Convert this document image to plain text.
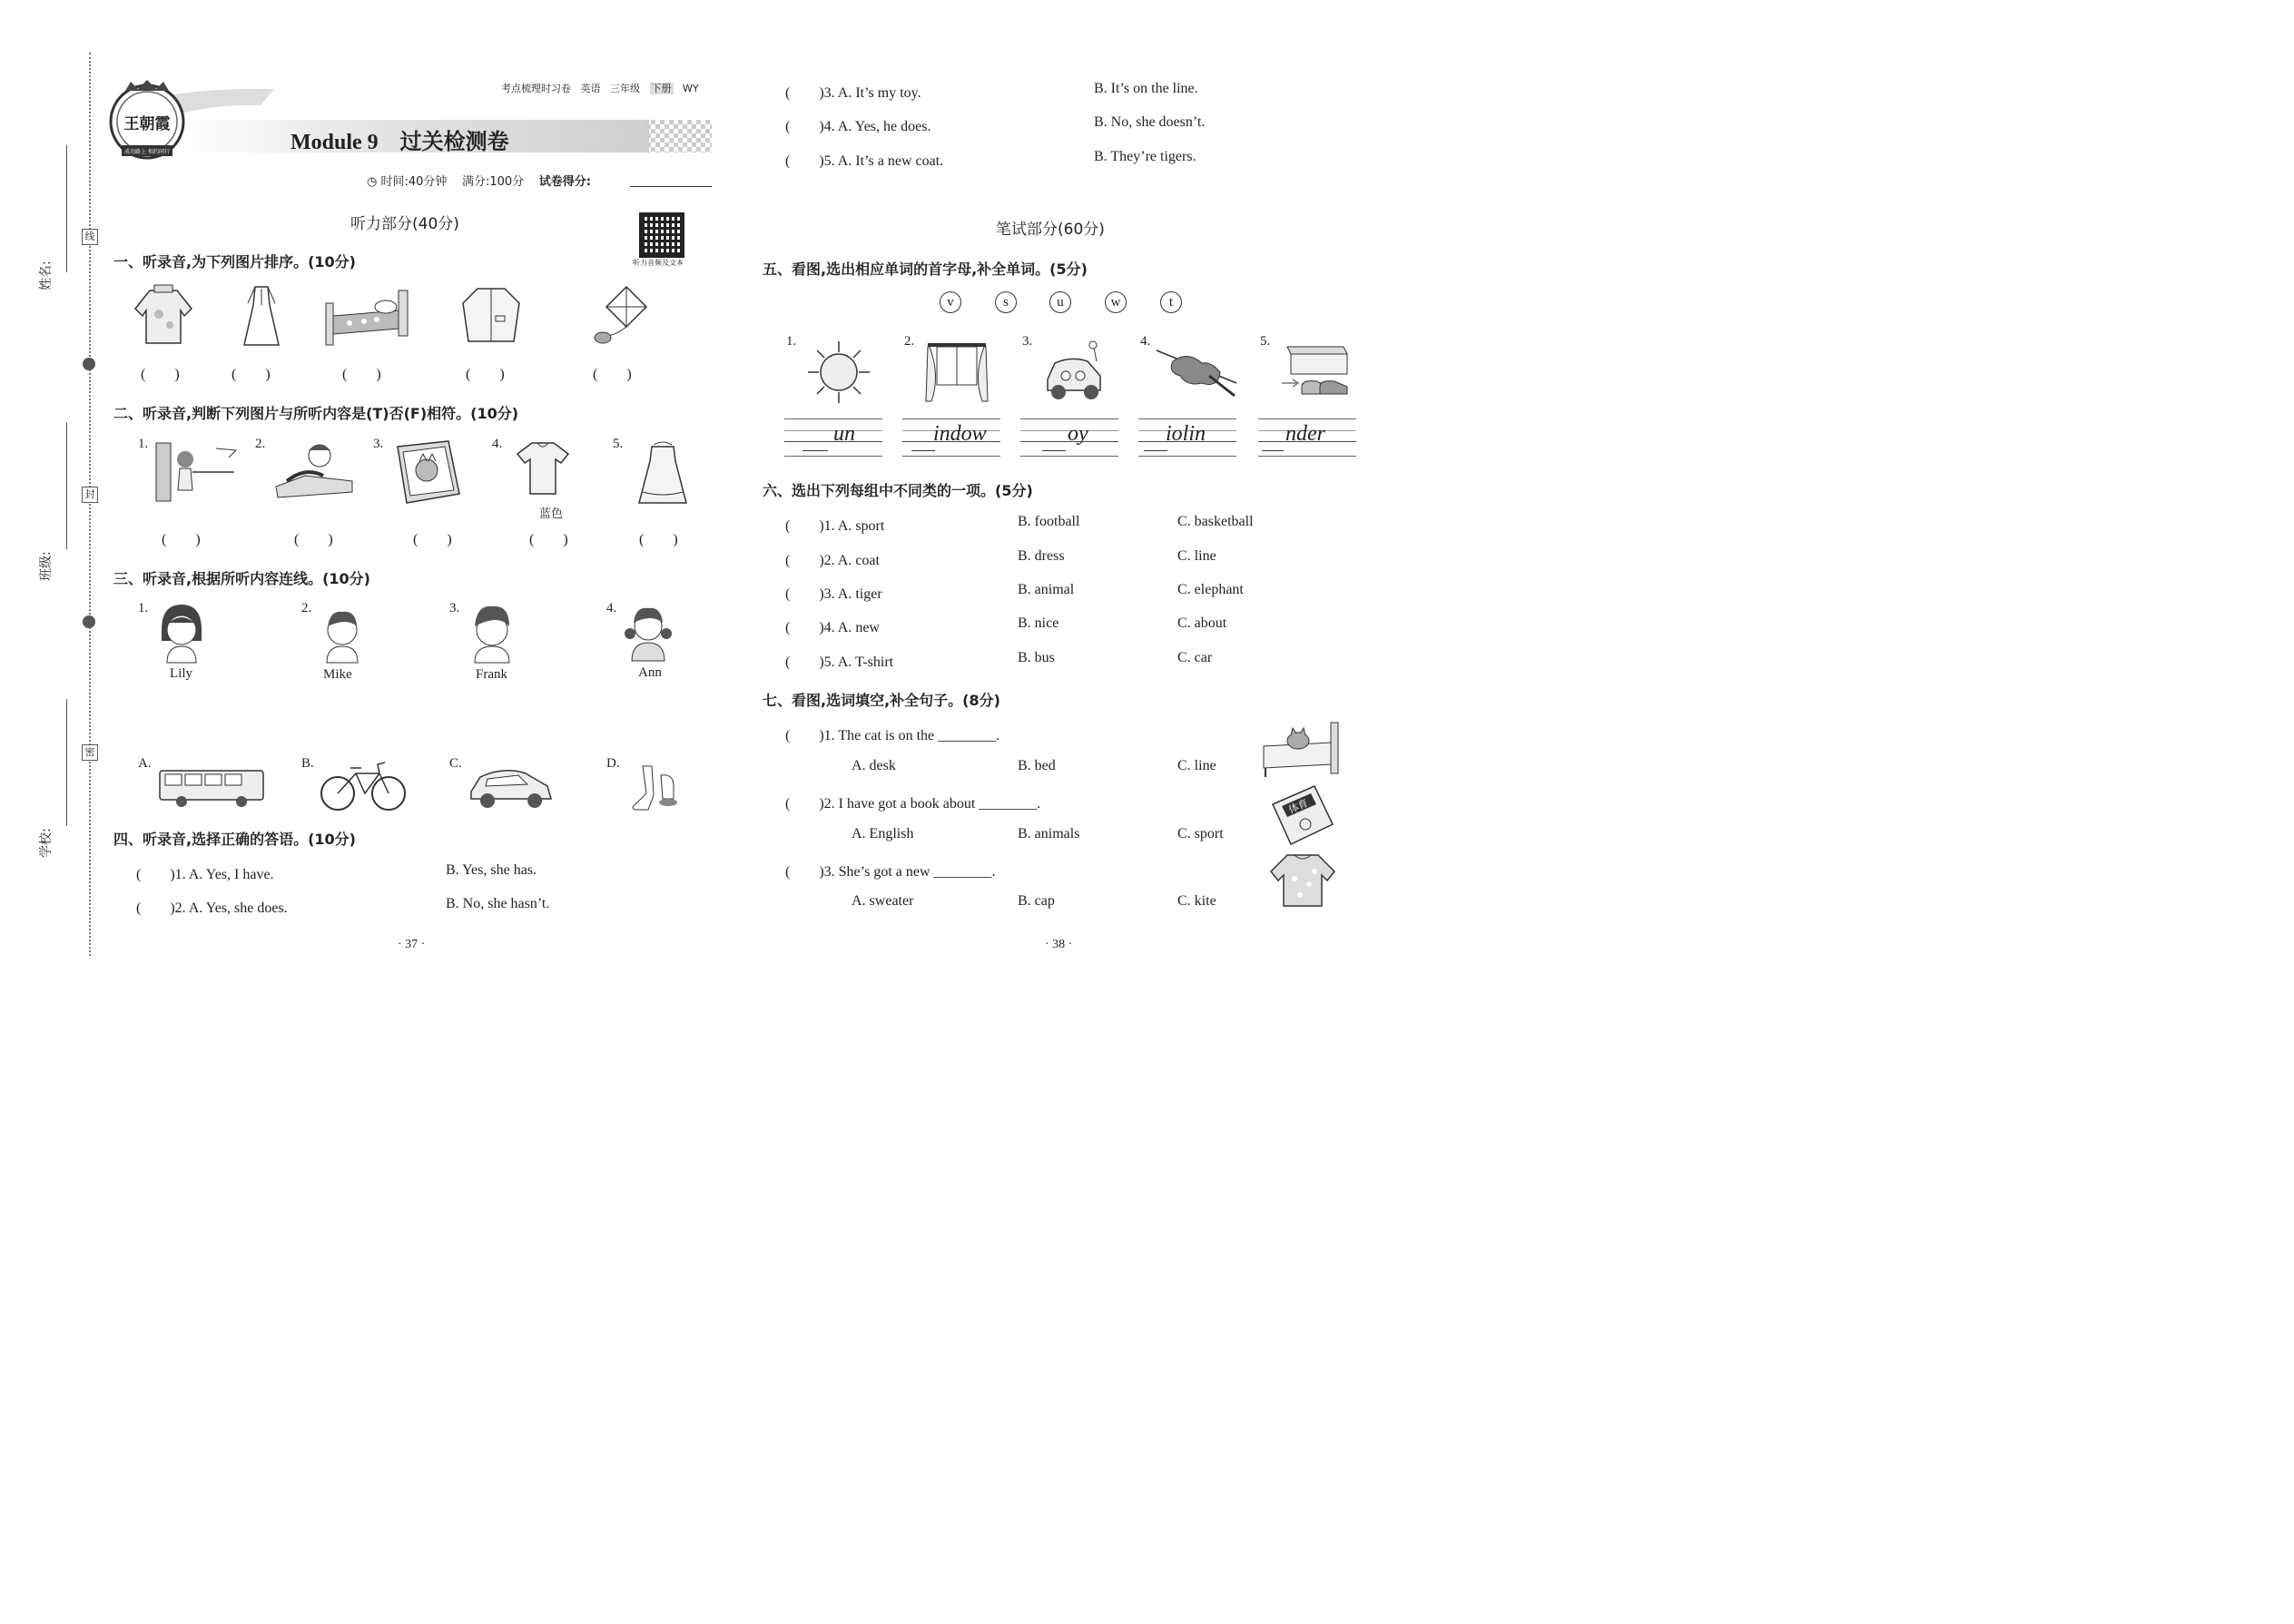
姓名:
班级:
学校:
线
封
密
王朝霞
成功路上 相约同行
考点梳理时习卷 英语 三年级 下册 WY
Module 9　过关检测卷
◷ 时间:40分钟 满分:100分 试卷得分:
听力部分(40分)
听力音频及文本
一、听录音,为下列图片排序。(10分)
(　　)	(　　)	(　　)	(　　)	(　　)
二、听录音,判断下列图片与所听内容是(T)否(F)相符。(10分)
1.	2.	3.	4.	5.
蓝色
(　　)	(　　)	(　　)	(　　)	(　　)
三、听录音,根据所听内容连线。(10分)
1.	2.	3.	4.
Lily	Mike	Frank	Ann
A.	B.	C.	D.
四、听录音,选择正确的答语。(10分)
(　　)1. A. Yes, I have.	B. Yes, she has.
(　　)2. A. Yes, she does.	B. No, she hasn’t.
· 37 ·
(　　)3. A. It’s my toy.	B. It’s on the line.
(　　)4. A. Yes, he does.	B. No, she doesn’t.
(　　)5. A. It’s a new coat.	B. They’re tigers.
笔试部分(60分)
五、看图,选出相应单词的首字母,补全单词。(5分)
v	s	u	w	t
1.	2.	3.	4.	5.
un	indow	oy	iolin	nder
六、选出下列每组中不同类的一项。(5分)
(　　)1. A. sport	B. football	C. basketball
(　　)2. A. coat	B. dress	C. line
(　　)3. A. tiger	B. animal	C. elephant
(　　)4. A. new	B. nice	C. about
(　　)5. A. T-shirt	B. bus	C. car
七、看图,选词填空,补全句子。(8分)
(　　)1. The cat is on the ________.
A. desk	B. bed	C. line
(　　)2. I have got a book about ________.
A. English	B. animals	C. sport
(　　)3. She’s got a new ________.
A. sweater	B. cap	C. kite
体育
· 38 ·
